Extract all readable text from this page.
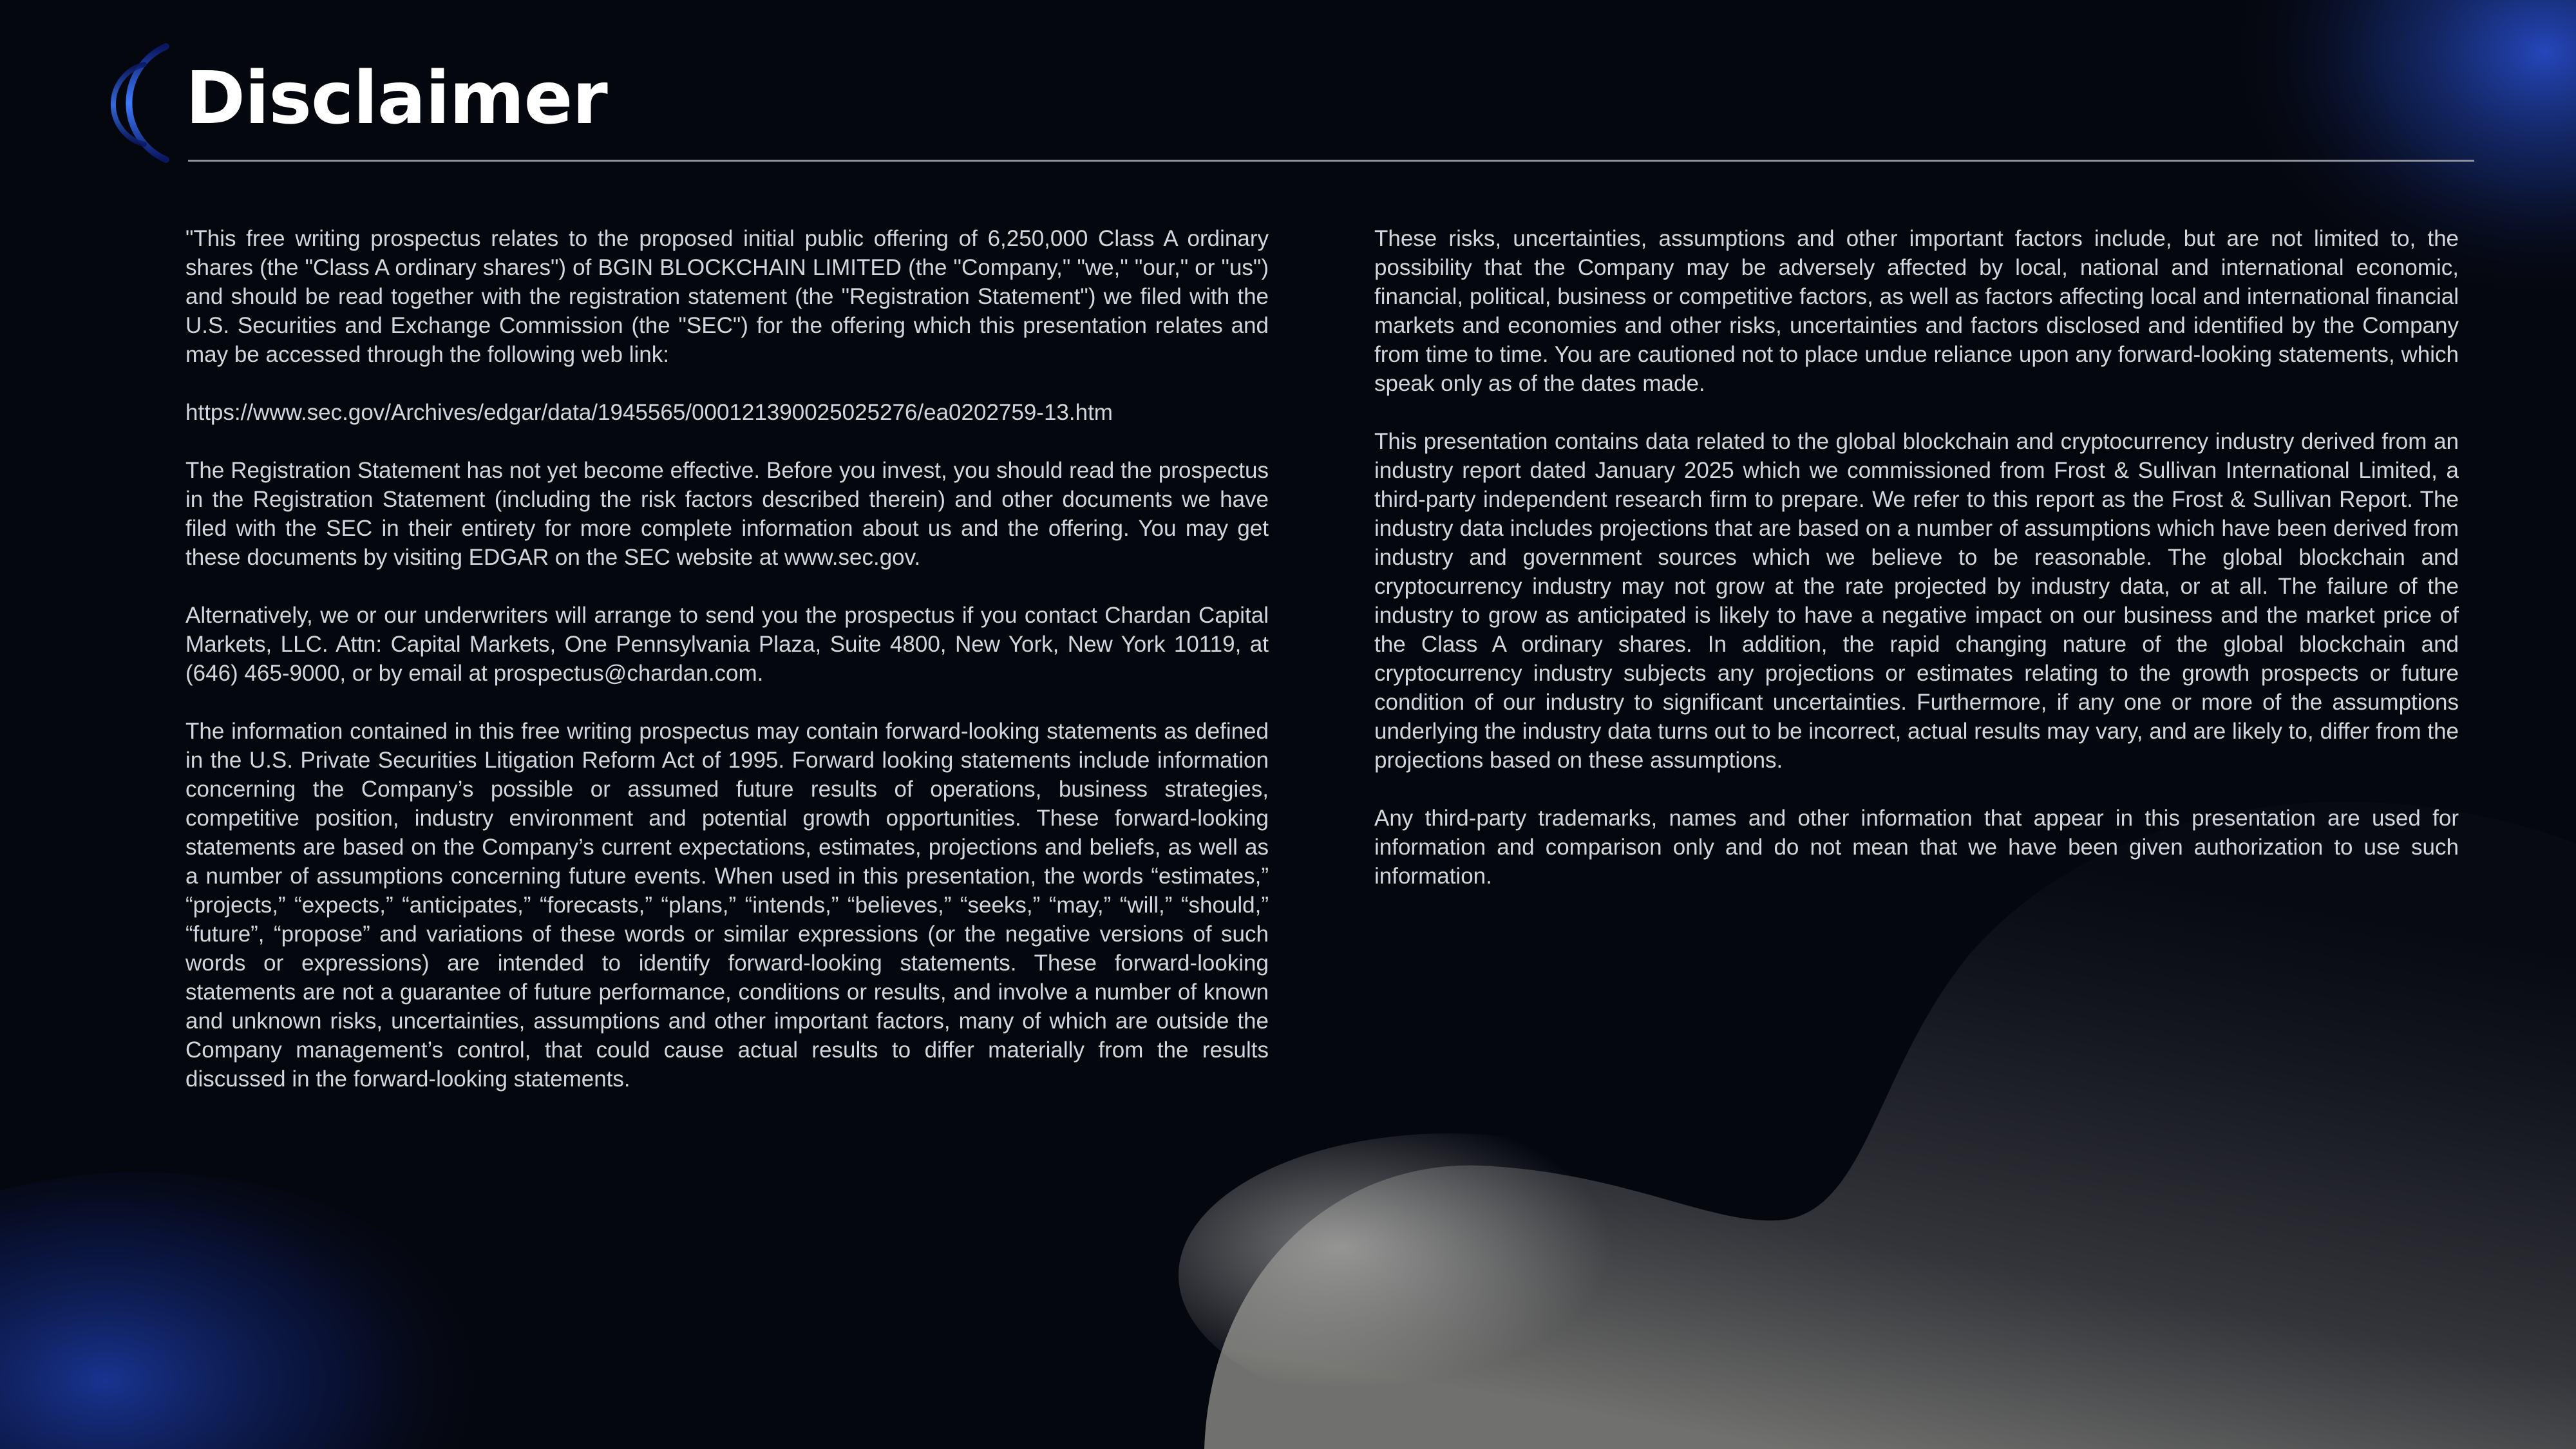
Disclaimer

"This free writing prospectus relates to the proposed initial public offering of 6,250,000 Class A ordinary shares (the "Class A ordinary shares") of BGIN BLOCKCHAIN LIMITED (the "Company," "we," "our," or "us") and should be read together with the registration statement (the "Registration Statement") we filed with the U.S. Securities and Exchange Commission (the "SEC") for the offering which this presentation relates and may be accessed through the following web link:

https://www.sec.gov/Archives/edgar/data/1945565/000121390025025276/ea0202759-13.htm

The Registration Statement has not yet become effective. Before you invest, you should read the prospectus in the Registration Statement (including the risk factors described therein) and other documents we have filed with the SEC in their entirety for more complete information about us and the offering. You may get these documents by visiting EDGAR on the SEC website at www.sec.gov.

Alternatively, we or our underwriters will arrange to send you the prospectus if you contact Chardan Capital Markets, LLC. Attn: Capital Markets, One Pennsylvania Plaza, Suite 4800, New York, New York 10119, at (646) 465-9000, or by email at prospectus@chardan.com.

The information contained in this free writing prospectus may contain forward-looking statements as defined in the U.S. Private Securities Litigation Reform Act of 1995. Forward looking statements include information concerning the Company’s possible or assumed future results of operations, business strategies, competitive position, industry environment and potential growth opportunities. These forward-looking statements are based on the Company’s current expectations, estimates, projections and beliefs, as well as a number of assumptions concerning future events. When used in this presentation, the words “estimates,” “projects,” “expects,” “anticipates,” “forecasts,” “plans,” “intends,” “believes,” “seeks,” “may,” “will,” “should,” “future”, “propose” and variations of these words or similar expressions (or the negative versions of such words or expressions) are intended to identify forward-looking statements. These forward-looking statements are not a guarantee of future performance, conditions or results, and involve a number of known and unknown risks, uncertainties, assumptions and other important factors, many of which are outside the Company management’s control, that could cause actual results to differ materially from the results discussed in the forward-looking statements.

These risks, uncertainties, assumptions and other important factors include, but are not limited to, the possibility that the Company may be adversely affected by local, national and international economic, financial, political, business or competitive factors, as well as factors affecting local and international financial markets and economies and other risks, uncertainties and factors disclosed and identified by the Company from time to time. You are cautioned not to place undue reliance upon any forward-looking statements, which speak only as of the dates made.

This presentation contains data related to the global blockchain and cryptocurrency industry derived from an industry report dated January 2025 which we commissioned from Frost & Sullivan International Limited, a third-party independent research firm to prepare. We refer to this report as the Frost & Sullivan Report. The industry data includes projections that are based on a number of assumptions which have been derived from industry and government sources which we believe to be reasonable. The global blockchain and cryptocurrency industry may not grow at the rate projected by industry data, or at all. The failure of the industry to grow as anticipated is likely to have a negative impact on our business and the market price of the Class A ordinary shares. In addition, the rapid changing nature of the global blockchain and cryptocurrency industry subjects any projections or estimates relating to the growth prospects or future condition of our industry to significant uncertainties. Furthermore, if any one or more of the assumptions underlying the industry data turns out to be incorrect, actual results may vary, and are likely to, differ from the projections based on these assumptions.

Any third-party trademarks, names and other information that appear in this presentation are used for information and comparison only and do not mean that we have been given authorization to use such information.
